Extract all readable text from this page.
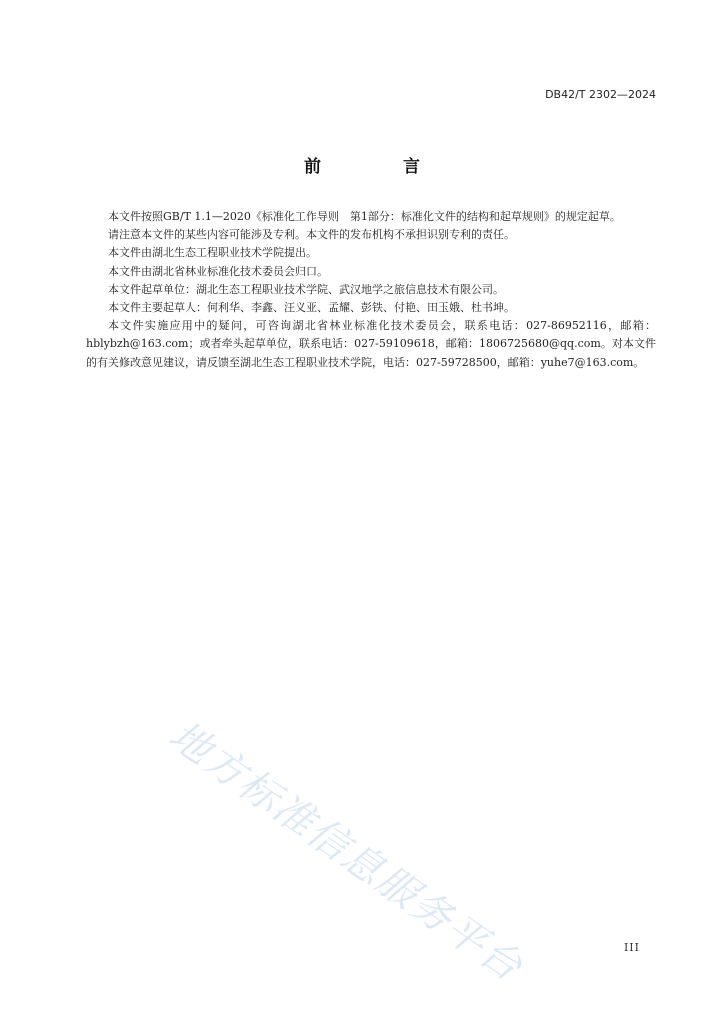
DB42/T 2302—2024
前 言

本文件按照GB/T 1.1—2020《标准化工作导则　第1部分：标准化文件的结构和起草规则》的规定起草。

请注意本文件的某些内容可能涉及专利。本文件的发布机构不承担识别专利的责任。

本文件由湖北生态工程职业技术学院提出。

本文件由湖北省林业标准化技术委员会归口。

本文件起草单位：湖北生态工程职业技术学院、武汉地学之旅信息技术有限公司。

本文件主要起草人：何利华、李鑫、汪义亚、孟耀、彭铁、付艳、田玉娥、杜书坤。

本文件实施应用中的疑问，可咨询湖北省林业标准化技术委员会，联系电话：027-86952116，邮箱：hblybzh@163.com；或者牵头起草单位，联系电话：027-59109618，邮箱：1806725680@qq.com。对本文件的有关修改意见建议，请反馈至湖北生态工程职业技术学院，电话：027-59728500，邮箱：yuhe7@163.com。

地方标准信息服务平台	III
